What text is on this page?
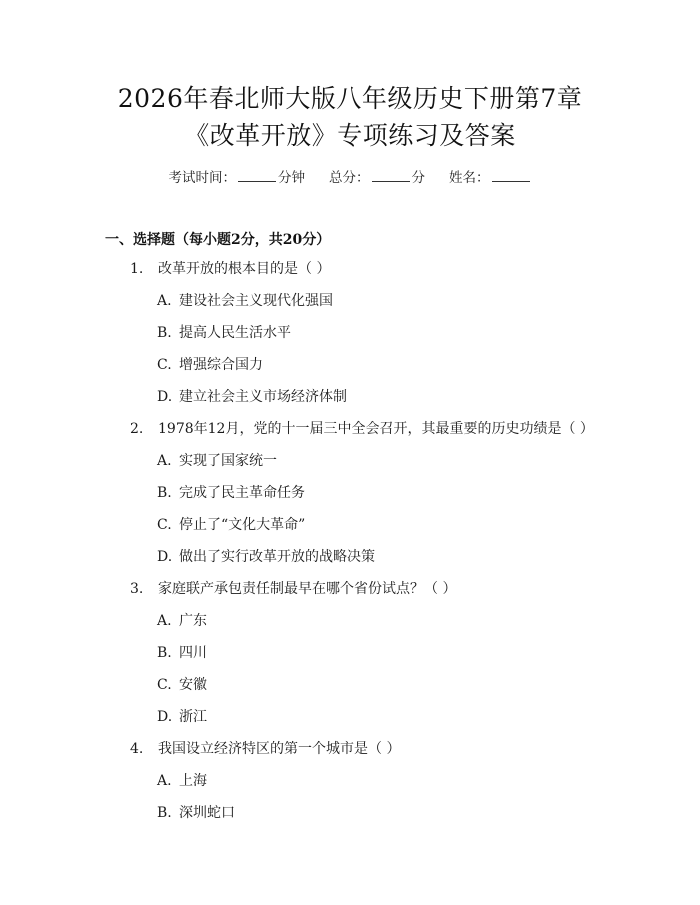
2026年春北师大版八年级历史下册第7章
《改革开放》专项练习及答案
考试时间：	分钟 总分：	分 姓名：
一、选择题（每小题2分，共20分）
1. 改革开放的根本目的是（ ）
A. 建设社会主义现代化强国
B. 提高人民生活水平
C. 增强综合国力
D. 建立社会主义市场经济体制
2. 1978年12月，党的十一届三中全会召开，其最重要的历史功绩是（ ）
A. 实现了国家统一
B. 完成了民主革命任务
C. 停止了“文化大革命”
D. 做出了实行改革开放的战略决策
3. 家庭联产承包责任制最早在哪个省份试点？（ ）
A. 广东
B. 四川
C. 安徽
D. 浙江
4. 我国设立经济特区的第一个城市是（ ）
A. 上海
B. 深圳蛇口
